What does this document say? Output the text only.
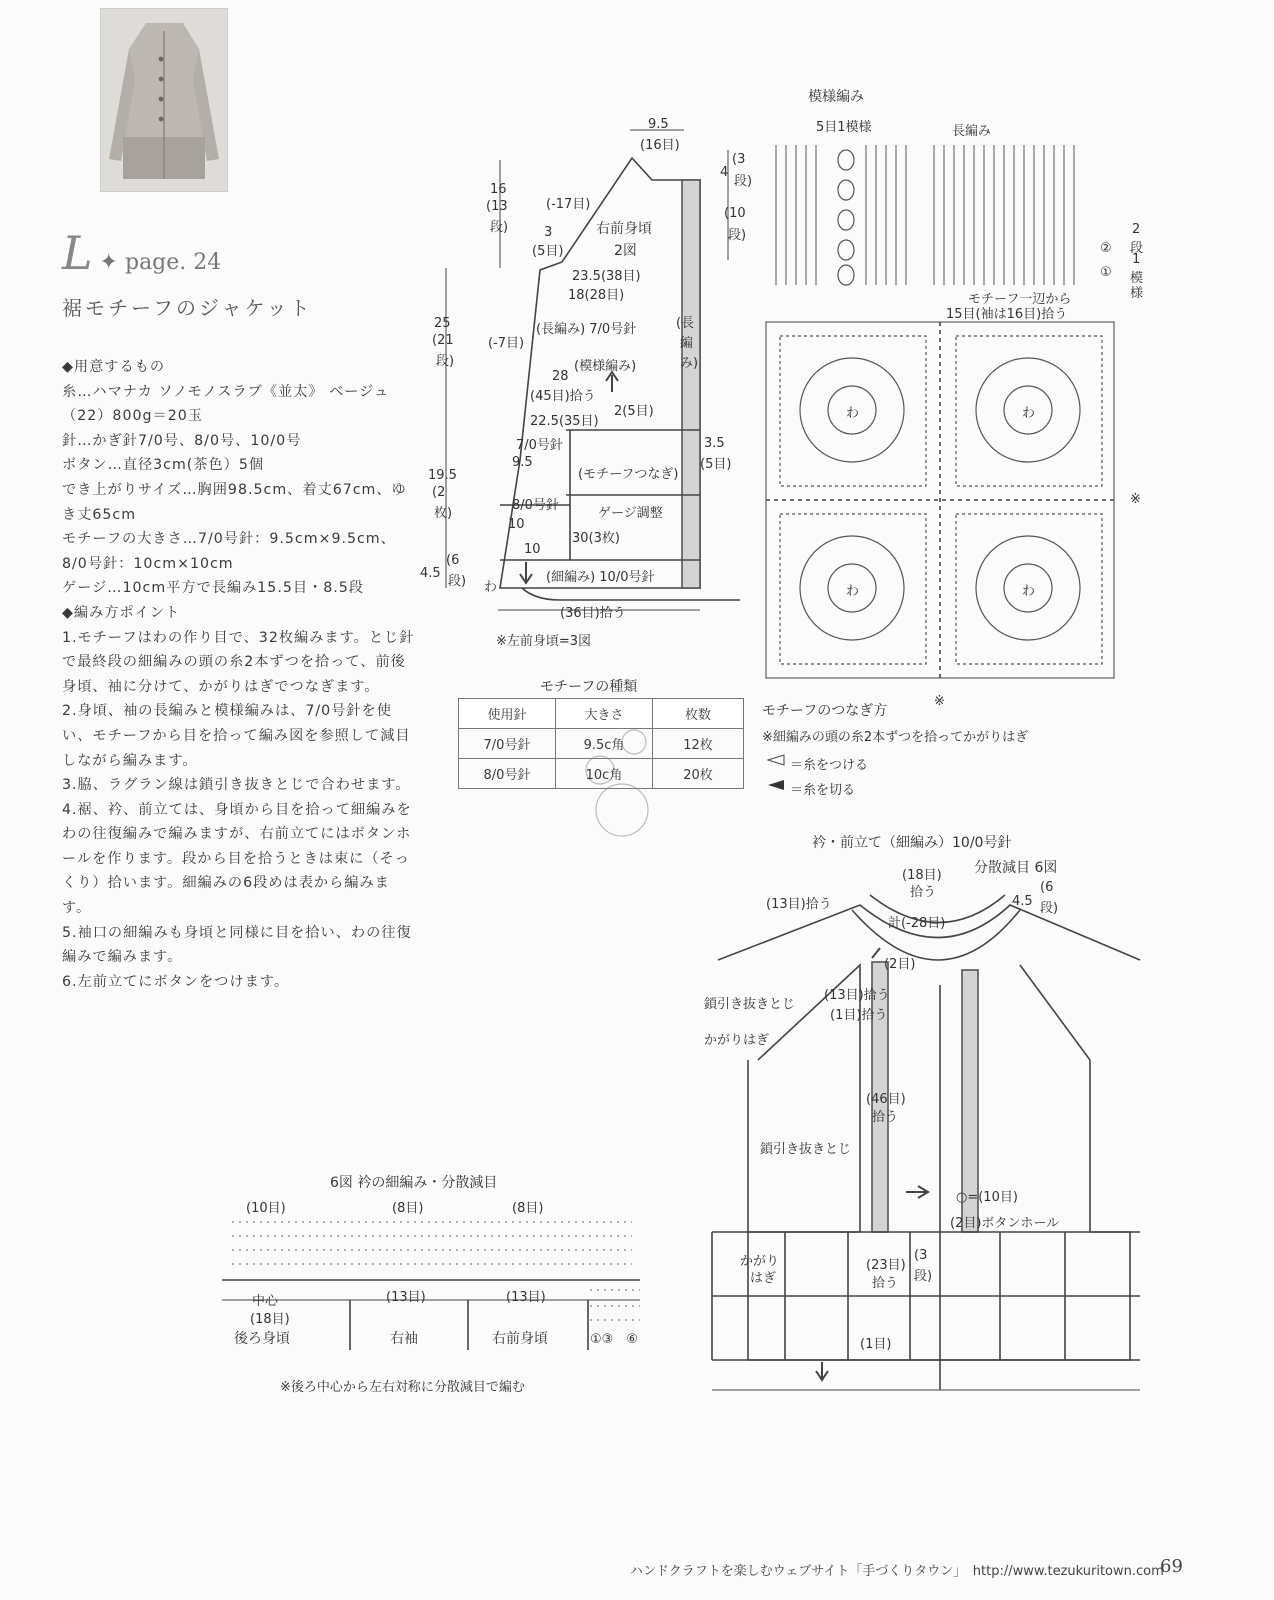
L ✦ page. 24
裾モチーフのジャケット

◆用意するもの

糸…ハマナカ ソノモノスラブ《並太》 ベージュ（22）800g＝20玉

針…かぎ針7/0号、8/0号、10/0号

ボタン…直径3cm(茶色）5個

でき上がりサイズ…胸囲98.5cm、着丈67cm、ゆき丈65cm

モチーフの大きさ…7/0号針：9.5cm×9.5cm、8/0号針：10cm×10cm

ゲージ…10cm平方で長編み15.5目・8.5段

◆編み方ポイント

1.モチーフはわの作り目で、32枚編みます。とじ針で最終段の細編みの頭の糸2本ずつを拾って、前後身頃、袖に分けて、かがりはぎでつなぎます。

2.身頃、袖の長編みと模様編みは、7/0号針を使い、モチーフから目を拾って編み図を参照して減目しながら編みます。

3.脇、ラグラン線は鎖引き抜きとじで合わせます。

4.裾、衿、前立ては、身頃から目を拾って細編みをわの往復編みで編みますが、右前立てにはボタンホールを作ります。段から目を拾うときは束に（そっくり）拾います。細編みの6段めは表から編みます。

5.袖口の細編みも身頃と同様に目を拾い、わの往復編みで編みます。

6.左前立てにボタンをつけます。

9.5
(16目)
16
(13
段)
(-17目)
3
(5目)
4
(3
段)
(10
段)
右前身頃
2図
23.5(38目)
18(28目)
25
(21
段)
(-7目)
(長編み) 7/0号針	(長
編
み)
(模様編み)
28
(45目)拾う
22.5(35目)
2(5目)
7/0号針
9.5
(モチーフつなぎ)
3.5
(5目)
19.5
(2
枚)
8/0号針
ゲージ調整
10
30(3枚)
10
4.5
(6
段) わ
(細編み) 10/0号針
(36目)拾う
※左前身頃=3図
模様編み
5目1模様	長編み
②
①
2
段
1
模
様
モチーフ一辺から
15目(袖は16目)拾う
わ	わ
わ	わ
※
※
モチーフのつなぎ方
※細編みの頭の糸2本ずつを拾ってかがりはぎ
＝糸をつける
＝糸を切る
モチーフの種類
使用針	大きさ	枚数
7/0号針	9.5c角	12枚
8/0号針	10c角	20枚
衿・前立て（細編み）10/0号針
分散減目 6図
(18目)
拾う
(13目)拾う
計(-28目)
4.5
(6
段)
(2目)
鎖引き抜きとじ
(13目)拾う
(1目)拾う
かがりはぎ
(46目)
拾う
鎖引き抜きとじ
○=(10目)
(2目)ボタンホール
かがり
はぎ
(23目)
拾う
(3
段)
(1目)
6図 衿の細編み・分散減目
(10目)	(8目)	(8目)
中心
(18目)
(13目)	(13目)
後ろ身頃	右袖	右前身頃	①③　⑥
※後ろ中心から左右対称に分散減目で編む
ハンドクラフトを楽しむウェブサイト「手づくりタウン」　http://www.tezukuritown.com
69
